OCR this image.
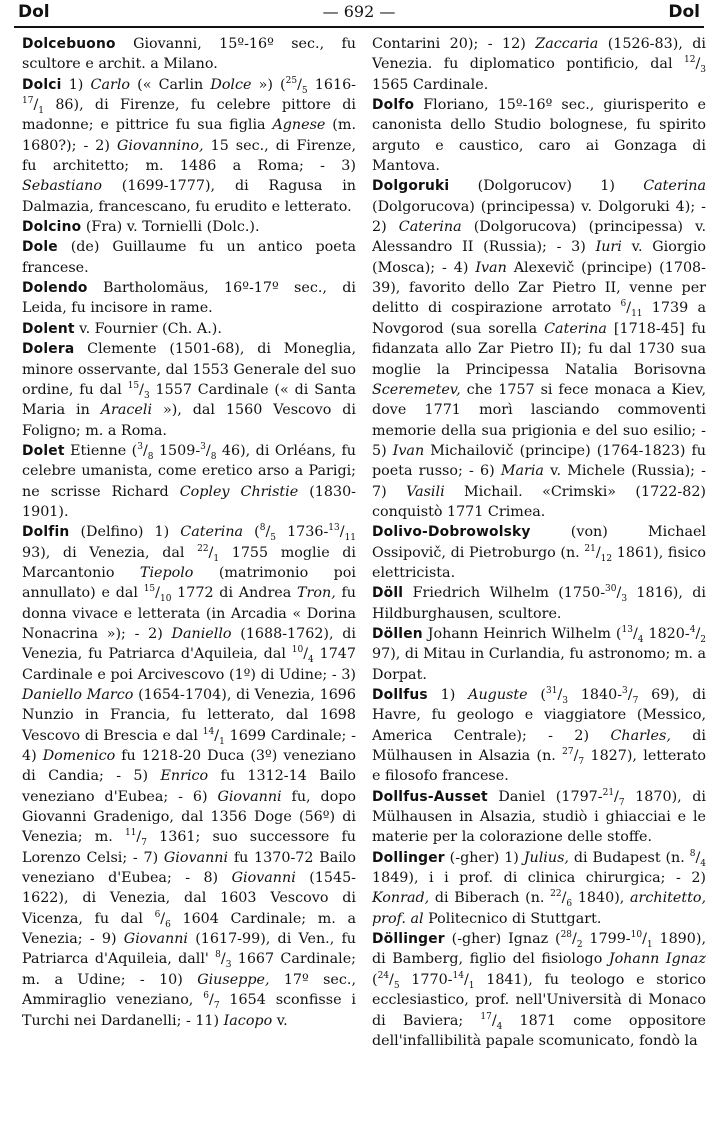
Dol	— 692 —	Dol

Dolcebuono Giovanni, 15º-16º sec., fu scultore e archit. a Milano.

Dolci 1) Carlo (« Carlin Dolce ») ($^{25}/_5$ $1616-^{17}/_1$ 86), di Firenze, fu celebre pittore di madonne; e pittrice fu sua figlia Agnese (m. 1680?); - 2) Giovannino, 15 sec., di Firenze, fu architetto; m. 1486 a Roma; - 3) Sebastiano (1699-1777), di Ragusa in Dalmazia, francescano, fu erudito e letterato.

Dolcino (Fra) v. Tornielli (Dolc.).

Dole (de) Guillaume fu un antico poeta francese.

Dolendo Bartholomäus, 16º-17º sec., di Leida, fu incisore in rame.

Dolent v. Fournier (Ch. A.).

Dolera Clemente (1501-68), di Moneglia, minore osservante, dal 1553 Generale del suo ordine, fu dal $^{15}/_3$ 1557 Cardinale (« di Santa Maria in Araceli »), dal 1560 Vescovo di Foligno; m. a Roma.

Dolet Etienne ($^3/_8$ $1509-^3/_8$ 46), di Orléans, fu celebre umanista, come eretico arso a Parigi; ne scrisse Richard Copley Christie (1830-1901).

Dolfin (Delfino) 1) Caterina ($^8/_5$ $1736-^{13}/_{11}$ 93), di Venezia, dal $^{22}/_1$ 1755 moglie di Marcantonio Tiepolo (matrimonio poi annullato) e dal $^{15}/_{10}$ 1772 di Andrea Tron, fu donna vivace e letterata (in Arcadia « Dorina Nonacrina »); - 2) Daniello (1688-1762), di Venezia, fu Patriarca d'Aquileia, dal $^{10}/_4$ 1747 Cardinale e poi Arcivescovo (1º) di Udine; - 3) Daniello Marco (1654-1704), di Venezia, 1696 Nunzio in Francia, fu letterato, dal 1698 Vescovo di Brescia e dal $^{14}/_1$ 1699 Cardinale; - 4) Domenico fu 1218-20 Duca (3º) veneziano di Candia; - 5) Enrico fu 1312-14 Bailo veneziano d'Eubea; - 6) Giovanni fu, dopo Giovanni Gradenigo, dal 1356 Doge (56º) di Venezia; m. $^{11}/_7$ 1361; suo successore fu Lorenzo Celsi; - 7) Giovanni fu 1370-72 Bailo veneziano d'Eubea; - 8) Giovanni (1545-1622), di Venezia, dal 1603 Vescovo di Vicenza, fu dal $^6/_6$ 1604 Cardinale; m. a Venezia; - 9) Giovanni (1617-99), di Ven., fu Patriarca d'Aquileia, dall' $^8/_3$ 1667 Cardinale; m. a Udine; - 10) Giuseppe, 17º sec., Ammiraglio veneziano, $^6/_7$ 1654 sconfisse i Turchi nei Dardanelli; - 11) Iacopo v.

Contarini 20); - 12) Zaccaria (1526-83), di Venezia. fu diplomatico pontificio, dal $^{12}/_3$ 1565 Cardinale.

Dolfo Floriano, 15º-16º sec., giurisperito e canonista dello Studio bolognese, fu spirito arguto e caustico, caro ai Gonzaga di Mantova.

Dolgoruki (Dolgorucov) 1) Caterina (Dolgorucova) (principessa) v. Dolgoruki 4); - 2) Caterina (Dolgorucova) (principessa) v. Alessandro II (Russia); - 3) Iuri v. Giorgio (Mosca); - 4) Ivan Alexevič (principe) (1708-39), favorito dello Zar Pietro II, venne per delitto di cospirazione arrotato $^6/_{11}$ 1739 a Novgorod (sua sorella Caterina [1718-45] fu fidanzata allo Zar Pietro II); fu dal 1730 sua moglie la Principessa Natalia Borisovna Sceremetev, che 1757 si fece monaca a Kiev, dove 1771 morì lasciando commoventi memorie della sua prigionia e del suo esilio; - 5) Ivan Michailovič (principe) (1764-1823) fu poeta russo; - 6) Maria v. Michele (Russia); - 7) Vasili Michail. «Crimski» (1722-82) conquistò 1771 Crimea.

Dolivo-Dobrowolsky (von) Michael Ossipovič, di Pietroburgo (n. $^{21}/_{12}$ 1861), fisico elettricista.

Döll Friedrich Wilhelm ($1750-^{30}/_3$ 1816), di Hildburghausen, scultore.

Döllen Johann Heinrich Wilhelm ($^{13}/_4$ $1820-^4/_2$ 97), di Mitau in Curlandia, fu astronomo; m. a Dorpat.

Dollfus 1) Auguste ($^{31}/_3$ $1840-^3/_7$ 69), di Havre, fu geologo e viaggiatore (Messico, America Centrale); - 2) Charles, di Mülhausen in Alsazia (n. $^{27}/_7$ 1827), letterato e filosofo francese.

Dollfus-Ausset Daniel ($1797-^{21}/_7$ 1870), di Mülhausen in Alsazia, studiò i ghiacciai e le materie per la colorazione delle stoffe.

Dollinger (-gher) 1) Julius, di Budapest (n. $^8/_4$ 1849), i i prof. di clinica chirurgica; - 2) Konrad, di Biberach (n. $^{22}/_6$ 1840), architetto, prof. al Politecnico di Stuttgart.

Döllinger (-gher) Ignaz ($^{28}/_2$ $1799-^{10}/_1$ 1890), di Bamberg, figlio del fisiologo Johann Ignaz ($^{24}/_5$ $1770-^{14}/_1$ 1841), fu teologo e storico ecclesiastico, prof. nell'Università di Monaco di Baviera; $^{17}/_4$ 1871 come oppositore dell'infallibilità papale scomunicato, fondò la
